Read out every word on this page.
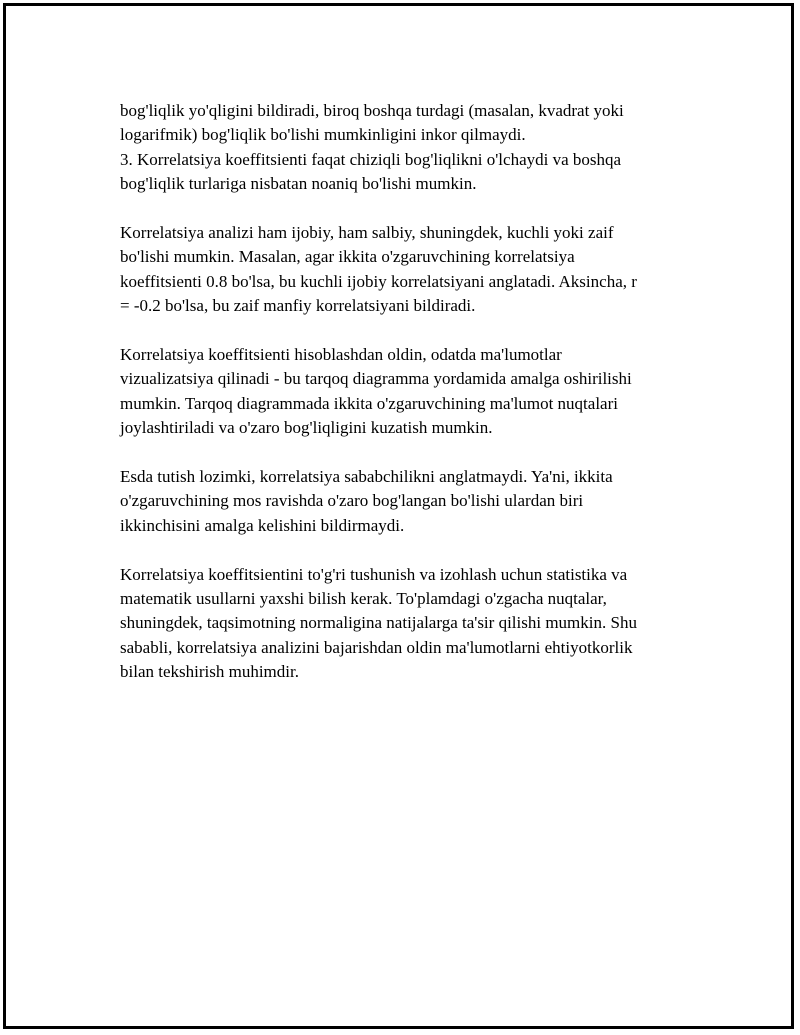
bog'liqlik yo'qligini bildiradi, biroq boshqa turdagi (masalan, kvadrat yoki
logarifmik) bog'liqlik bo'lishi mumkinligini inkor qilmaydi.
3. Korrelatsiya koeffitsienti faqat chiziqli bog'liqlikni o'lchaydi va boshqa
bog'liqlik turlariga nisbatan noaniq bo'lishi mumkin.
Korrelatsiya analizi ham ijobiy, ham salbiy, shuningdek, kuchli yoki zaif
bo'lishi mumkin. Masalan, agar ikkita o'zgaruvchining korrelatsiya
koeffitsienti 0.8 bo'lsa, bu kuchli ijobiy korrelatsiyani anglatadi. Aksincha, r
= -0.2 bo'lsa, bu zaif manfiy korrelatsiyani bildiradi.
Korrelatsiya koeffitsienti hisoblashdan oldin, odatda ma'lumotlar
vizualizatsiya qilinadi - bu tarqoq diagramma yordamida amalga oshirilishi
mumkin. Tarqoq diagrammada ikkita o'zgaruvchining ma'lumot nuqtalari
joylashtiriladi va o'zaro bog'liqligini kuzatish mumkin.
Esda tutish lozimki, korrelatsiya sababchilikni anglatmaydi. Ya'ni, ikkita
o'zgaruvchining mos ravishda o'zaro bog'langan bo'lishi ulardan biri
ikkinchisini amalga kelishini bildirmaydi.
Korrelatsiya koeffitsientini to'g'ri tushunish va izohlash uchun statistika va
matematik usullarni yaxshi bilish kerak. To'plamdagi o'zgacha nuqtalar,
shuningdek, taqsimotning normaligina natijalarga ta'sir qilishi mumkin. Shu
sababli, korrelatsiya analizini bajarishdan oldin ma'lumotlarni ehtiyotkorlik
bilan tekshirish muhimdir.
